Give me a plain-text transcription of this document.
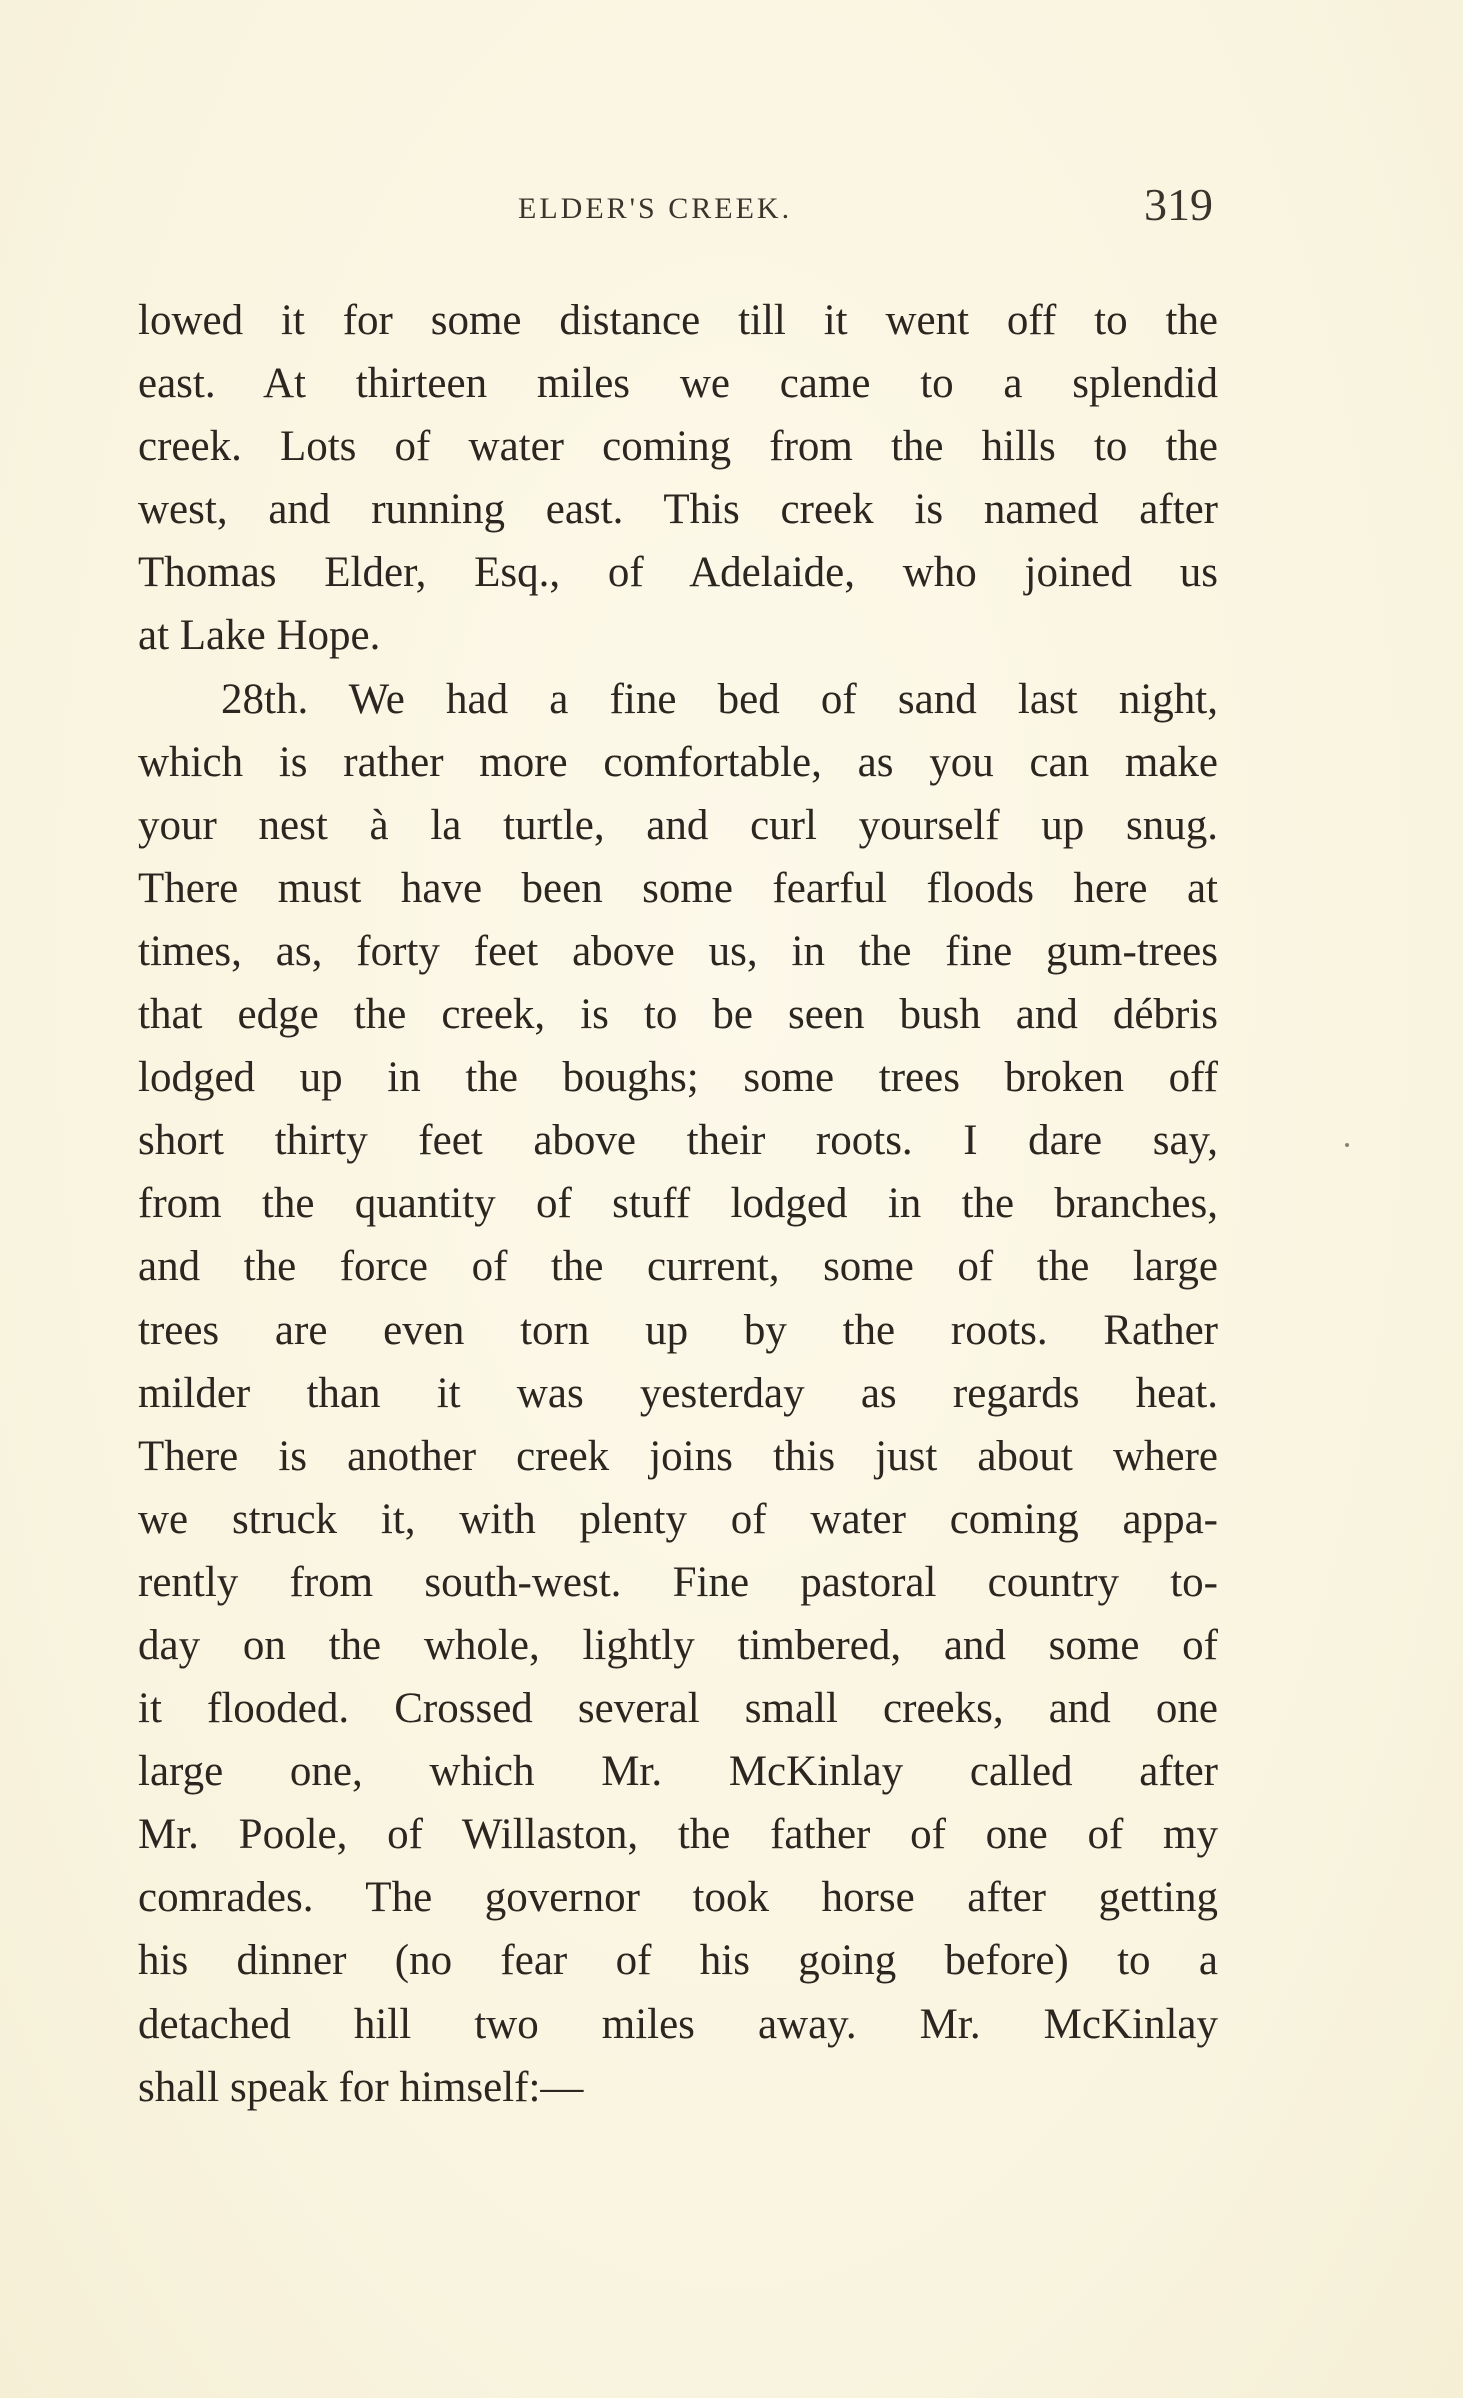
ELDER'S CREEK.	319
lowed it for some distance till it went off to the
east. At thirteen miles we came to a splendid
creek. Lots of water coming from the hills to the
west, and running east. This creek is named after
Thomas Elder, Esq., of Adelaide, who joined us
at Lake Hope.
28th. We had a fine bed of sand last night,
which is rather more comfortable, as you can make
your nest à la turtle, and curl yourself up snug.
There must have been some fearful floods here at
times, as, forty feet above us, in the fine gum-trees
that edge the creek, is to be seen bush and débris
lodged up in the boughs; some trees broken off
short thirty feet above their roots. I dare say,
from the quantity of stuff lodged in the branches,
and the force of the current, some of the large
trees are even torn up by the roots. Rather
milder than it was yesterday as regards heat.
There is another creek joins this just about where
we struck it, with plenty of water coming appa-
rently from south-west. Fine pastoral country to-
day on the whole, lightly timbered, and some of
it flooded. Crossed several small creeks, and one
large one, which Mr. McKinlay called after
Mr. Poole, of Willaston, the father of one of my
comrades. The governor took horse after getting
his dinner (no fear of his going before) to a
detached hill two miles away. Mr. McKinlay
shall speak for himself:—
